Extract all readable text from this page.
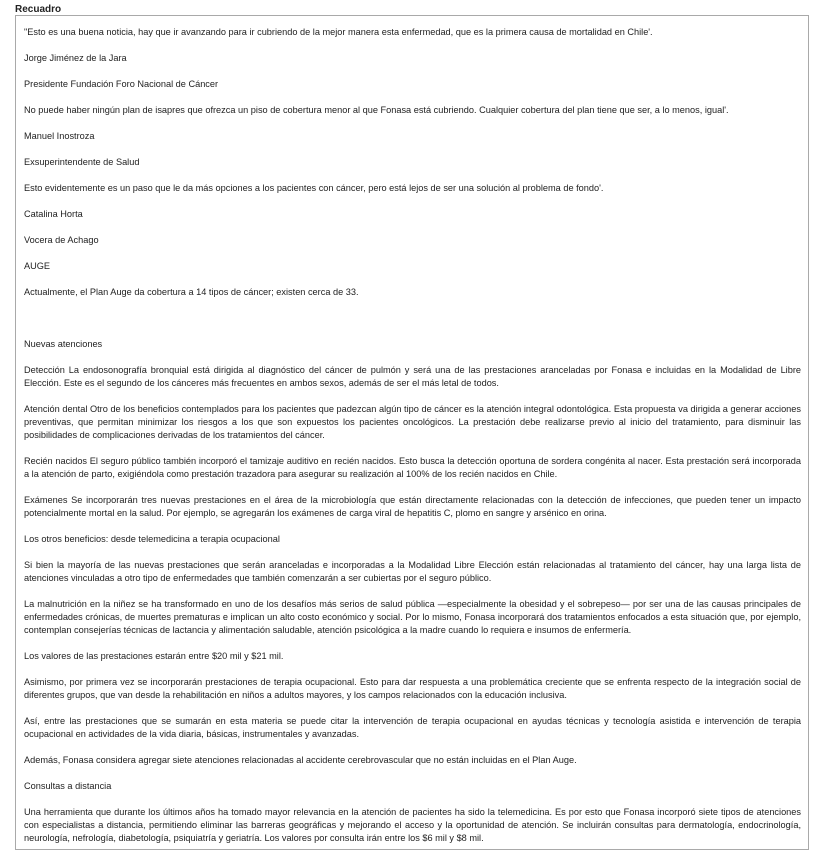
Recuadro

"Esto es una buena noticia, hay que ir avanzando para ir cubriendo de la mejor manera esta enfermedad, que es la primera causa de mortalidad en Chile'.

Jorge Jiménez de la Jara

Presidente Fundación Foro Nacional de Cáncer

No puede haber ningún plan de isapres que ofrezca un piso de cobertura menor al que Fonasa está cubriendo. Cualquier cobertura del plan tiene que ser, a lo menos, igual'.

Manuel Inostroza

Exsuperintendente de Salud

Esto evidentemente es un paso que le da más opciones a los pacientes con cáncer, pero está lejos de ser una solución al problema de fondo'.

Catalina Horta

Vocera de Achago

AUGE

Actualmente, el Plan Auge da cobertura a 14 tipos de cáncer; existen cerca de 33.

Nuevas atenciones

Detección La endosonografía bronquial está dirigida al diagnóstico del cáncer de pulmón y será una de las prestaciones aranceladas por Fonasa e incluidas en la Modalidad de Libre Elección. Este es el segundo de los cánceres más frecuentes en ambos sexos, además de ser el más letal de todos.

Atención dental Otro de los beneficios contemplados para los pacientes que padezcan algún tipo de cáncer es la atención integral odontológica. Esta propuesta va dirigida a generar acciones preventivas, que permitan minimizar los riesgos a los que son expuestos los pacientes oncológicos. La prestación debe realizarse previo al inicio del tratamiento, para disminuir las posibilidades de complicaciones derivadas de los tratamientos del cáncer.

Recién nacidos El seguro público también incorporó el tamizaje auditivo en recién nacidos. Esto busca la detección oportuna de sordera congénita al nacer. Esta prestación será incorporada a la atención de parto, exigiéndola como prestación trazadora para asegurar su realización al 100% de los recién nacidos en Chile.

Exámenes Se incorporarán tres nuevas prestaciones en el área de la microbiología que están directamente relacionadas con la detección de infecciones, que pueden tener un impacto potencialmente mortal en la salud. Por ejemplo, se agregarán los exámenes de carga viral de hepatitis C, plomo en sangre y arsénico en orina.

Los otros beneficios: desde telemedicina a terapia ocupacional

Si bien la mayoría de las nuevas prestaciones que serán aranceladas e incorporadas a la Modalidad Libre Elección están relacionadas al tratamiento del cáncer, hay una larga lista de atenciones vinculadas a otro tipo de enfermedades que también comenzarán a ser cubiertas por el seguro público.

La malnutrición en la niñez se ha transformado en uno de los desafíos más serios de salud pública —especialmente la obesidad y el sobrepeso— por ser una de las causas principales de enfermedades crónicas, de muertes prematuras e implican un alto costo económico y social. Por lo mismo, Fonasa incorporará dos tratamientos enfocados a esta situación que, por ejemplo, contemplan consejerías técnicas de lactancia y alimentación saludable, atención psicológica a la madre cuando lo requiera e insumos de enfermería.

Los valores de las prestaciones estarán entre $20 mil y $21 mil.

Asimismo, por primera vez se incorporarán prestaciones de terapia ocupacional. Esto para dar respuesta a una problemática creciente que se enfrenta respecto de la integración social de diferentes grupos, que van desde la rehabilitación en niños a adultos mayores, y los campos relacionados con la educación inclusiva.

Así, entre las prestaciones que se sumarán en esta materia se puede citar la intervención de terapia ocupacional en ayudas técnicas y tecnología asistida e intervención de terapia ocupacional en actividades de la vida diaria, básicas, instrumentales y avanzadas.

Además, Fonasa considera agregar siete atenciones relacionadas al accidente cerebrovascular que no están incluidas en el Plan Auge.

Consultas a distancia

Una herramienta que durante los últimos años ha tomado mayor relevancia en la atención de pacientes ha sido la telemedicina. Es por esto que Fonasa incorporó siete tipos de atenciones con especialistas a distancia, permitiendo eliminar las barreras geográficas y mejorando el acceso y la oportunidad de atención. Se incluirán consultas para dermatología, endocrinología, neurología, nefrología, diabetología, psiquiatría y geriatría. Los valores por consulta irán entre los $6 mil y $8 mil.
